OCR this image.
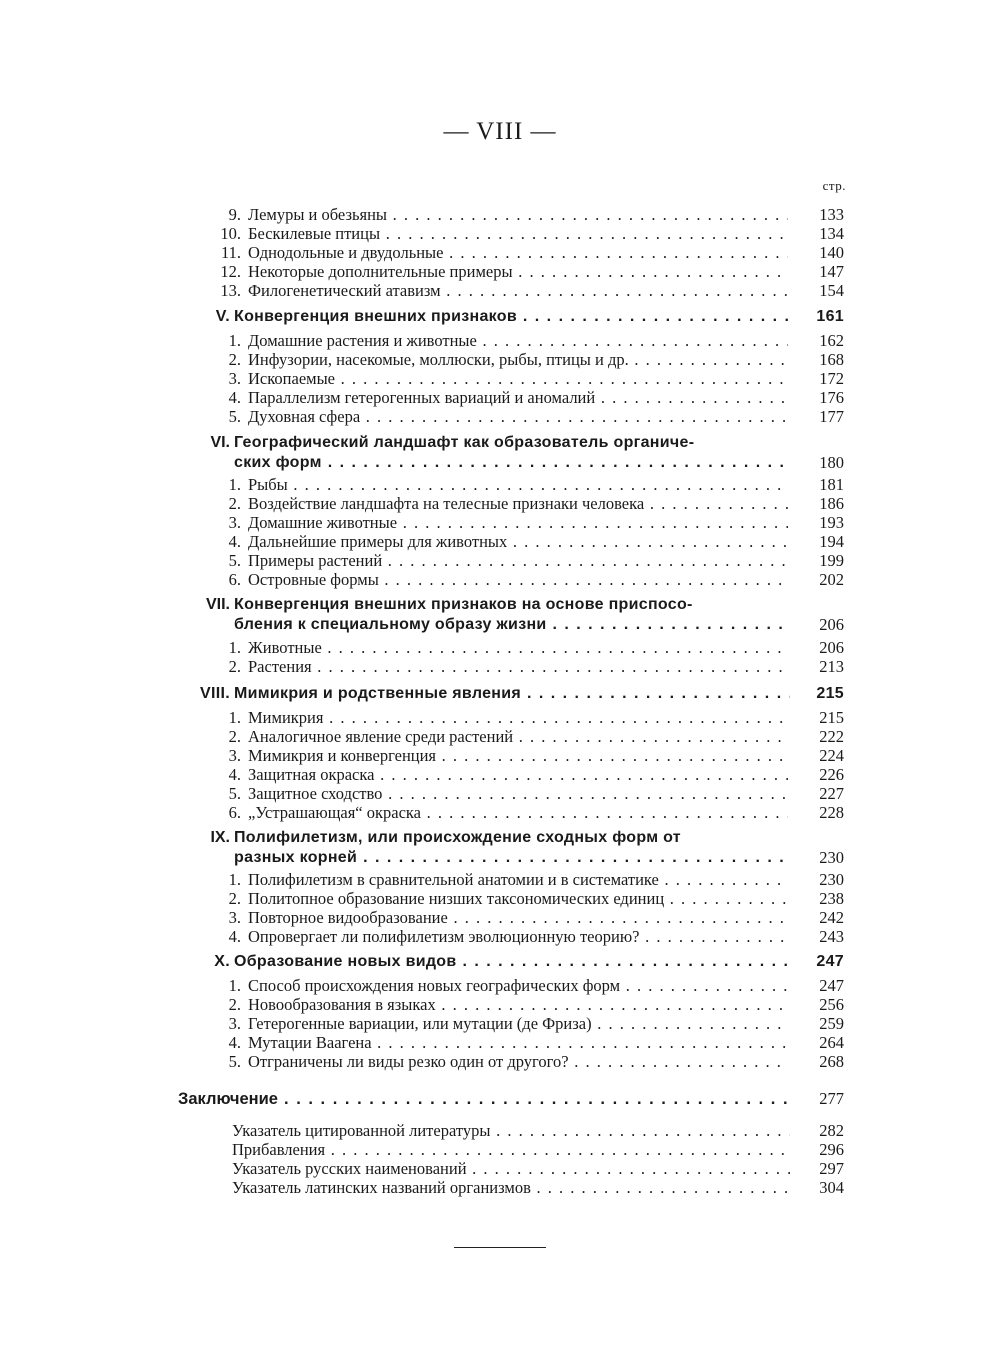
— VIII —
стр.
9. Лемуры и обезьяны . . .	133
10. Бескилевые птицы . . .	134
11. Однодольные и двудольные . . .	140
12. Некоторые дополнительные примеры . . .	147
13. Филогенетический атавизм . . .	154
V. Конвергенция внешних признаков . . .	161
1. Домашние растения и животные . . .	162
2. Инфузории, насекомые, моллюски, рыбы, птицы и др. . . .	168
3. Ископаемые . . .	172
4. Параллелизм гетерогенных вариаций и аномалий . . .	176
5. Духовная сфера . . .	177
VI. Географический ландшафт как образователь органиче-
ских форм . . .	180
1. Рыбы . . .	181
2. Воздействие ландшафта на телесные признаки человека . . .	186
3. Домашние животные . . .	193
4. Дальнейшие примеры для животных . . .	194
5. Примеры растений . . .	199
6. Островные формы . . .	202
VII. Конвергенция внешних признаков на основе приспосо-
бления к специальному образу жизни . . .	206
1. Животные . . .	206
2. Растения . . .	213
VIII. Мимикрия и родственные явления . . .	215
1. Мимикрия . . .	215
2. Аналогичное явление среди растений . . .	222
3. Мимикрия и конвергенция . . .	224
4. Защитная окраска . . .	226
5. Защитное сходство . . .	227
6. „Устрашающая“ окраска . . .	228
IX. Полифилетизм, или происхождение сходных форм от
разных корней . . .	230
1. Полифилетизм в сравнительной анатомии и в систематике . . .	230
2. Политопное образование низших таксономических единиц . . .	238
3. Повторное видообразование . . .	242
4. Опровергает ли полифилетизм эволюционную теорию? . . .	243
X. Образование новых видов . . .	247
1. Способ происхождения новых географических форм . . .	247
2. Новообразования в языках . . .	256
3. Гетерогенные вариации, или мутации (де Фриза) . . .	259
4. Мутации Ваагена . . .	264
5. Отграничены ли виды резко один от другого? . . .	268
Заключение . . .	277
Указатель цитированной литературы . . .	282
Прибавления . . .	296
Указатель русских наименований . . .	297
Указатель латинских названий организмов . . .	304
